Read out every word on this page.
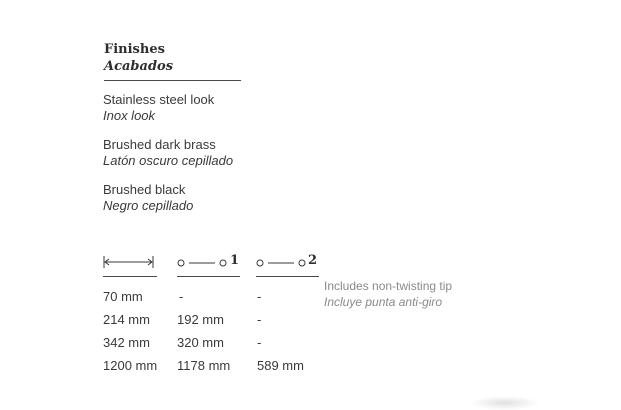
Finishes
Acabados
Stainless steel look
Inox look
Brushed dark brass
Latón oscuro cepillado
Brushed black
Negro cepillado
1	2
Includes non-twisting tip
Incluye punta anti-giro
70 mm	-	-
214 mm 192 mm	-
342 mm 320 mm	-
1200 mm 1178 mm 589 mm
